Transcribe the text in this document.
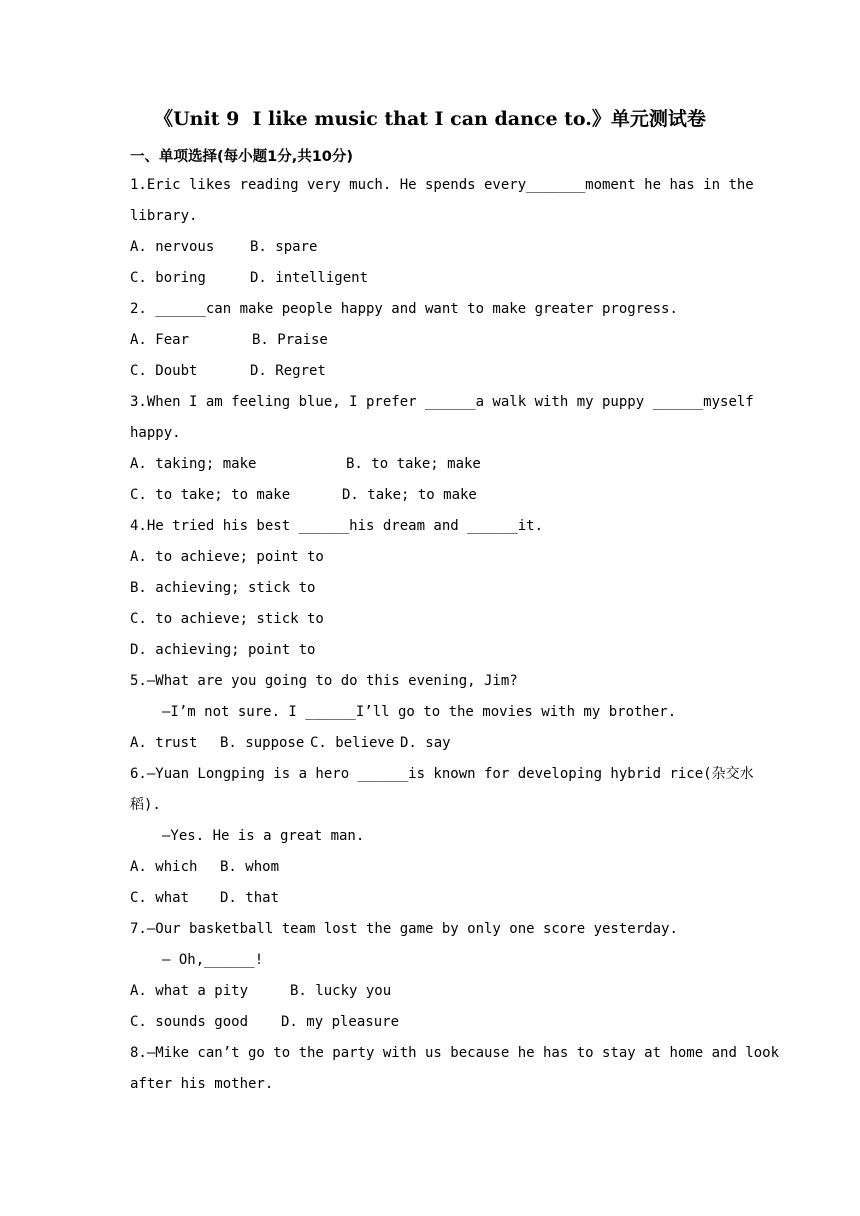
《Unit 9  I like music that I can dance to.》单元测试卷
一、单项选择(每小题1分,共10分)
1.Eric likes reading very much. He spends every_______moment he has in the
library.
A. nervous	B. spare
C. boring	D. intelligent
2. ______can make people happy and want to make greater progress.
A. Fear	B. Praise
C. Doubt	D. Regret
3.When I am feeling blue, I prefer ______a walk with my puppy ______myself
happy.
A. taking; make	B. to take; make
C. to take; to make	D. take; to make
4.He tried his best ______his dream and ______it.
A. to achieve; point to
B. achieving; stick to
C. to achieve; stick to
D. achieving; point to
5.—What are you going to do this evening, Jim?
—I’m not sure. I ______I’ll go to the movies with my brother.
A. trust	B. suppose C. believe D. say
6.—Yuan Longping is a hero ______is known for developing hybrid rice(杂交水
稻).
—Yes. He is a great man.
A. which	B. whom
C. what	D. that
7.—Our basketball team lost the game by only one score yesterday.
— Oh,______!
A. what a pity	B. lucky you
C. sounds good	D. my pleasure
8.—Mike can’t go to the party with us because he has to stay at home and look
after his mother.
